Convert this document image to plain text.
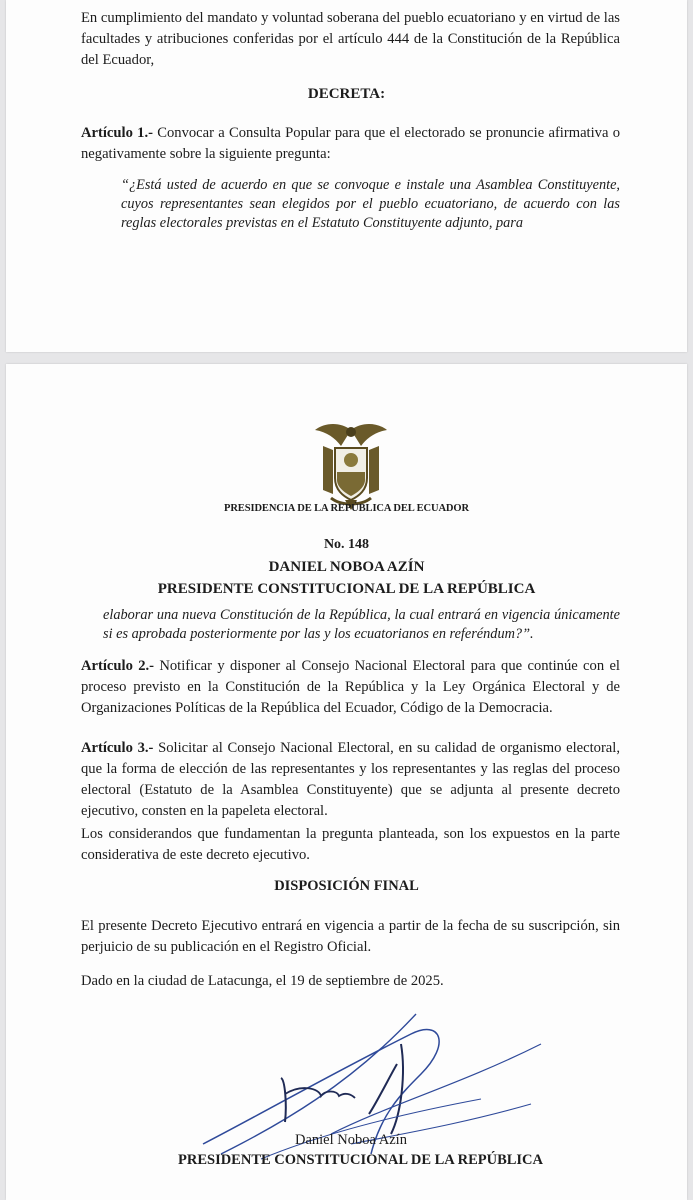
En cumplimiento del mandato y voluntad soberana del pueblo ecuatoriano y en virtud de las facultades y atribuciones conferidas por el artículo 444 de la Constitución de la República del Ecuador,
DECRETA:
Artículo 1.- Convocar a Consulta Popular para que el electorado se pronuncie afirmativa o negativamente sobre la siguiente pregunta:
“¿Está usted de acuerdo en que se convoque e instale una Asamblea Constituyente, cuyos representantes sean elegidos por el pueblo ecuatoriano, de acuerdo con las reglas electorales previstas en el Estatuto Constituyente adjunto, para
PRESIDENCIA DE LA REPÚBLICA DEL ECUADOR
No. 148
DANIEL NOBOA AZÍN
PRESIDENTE CONSTITUCIONAL DE LA REPÚBLICA
elaborar una nueva Constitución de la República, la cual entrará en vigencia únicamente si es aprobada posteriormente por las y los ecuatorianos en referéndum?”.
Artículo 2.- Notificar y disponer al Consejo Nacional Electoral para que continúe con el proceso previsto en la Constitución de la República y la Ley Orgánica Electoral y de Organizaciones Políticas de la República del Ecuador, Código de la Democracia.
Artículo 3.- Solicitar al Consejo Nacional Electoral, en su calidad de organismo electoral, que la forma de elección de las representantes y los representantes y las reglas del proceso electoral (Estatuto de la Asamblea Constituyente) que se adjunta al presente decreto ejecutivo, consten en la papeleta electoral.
Los considerandos que fundamentan la pregunta planteada, son los expuestos en la parte considerativa de este decreto ejecutivo.
DISPOSICIÓN FINAL
El presente Decreto Ejecutivo entrará en vigencia a partir de la fecha de su suscripción, sin perjuicio de su publicación en el Registro Oficial.
Dado en la ciudad de Latacunga, el 19 de septiembre de 2025.
Daniel Noboa Azín
PRESIDENTE CONSTITUCIONAL DE LA REPÚBLICA
